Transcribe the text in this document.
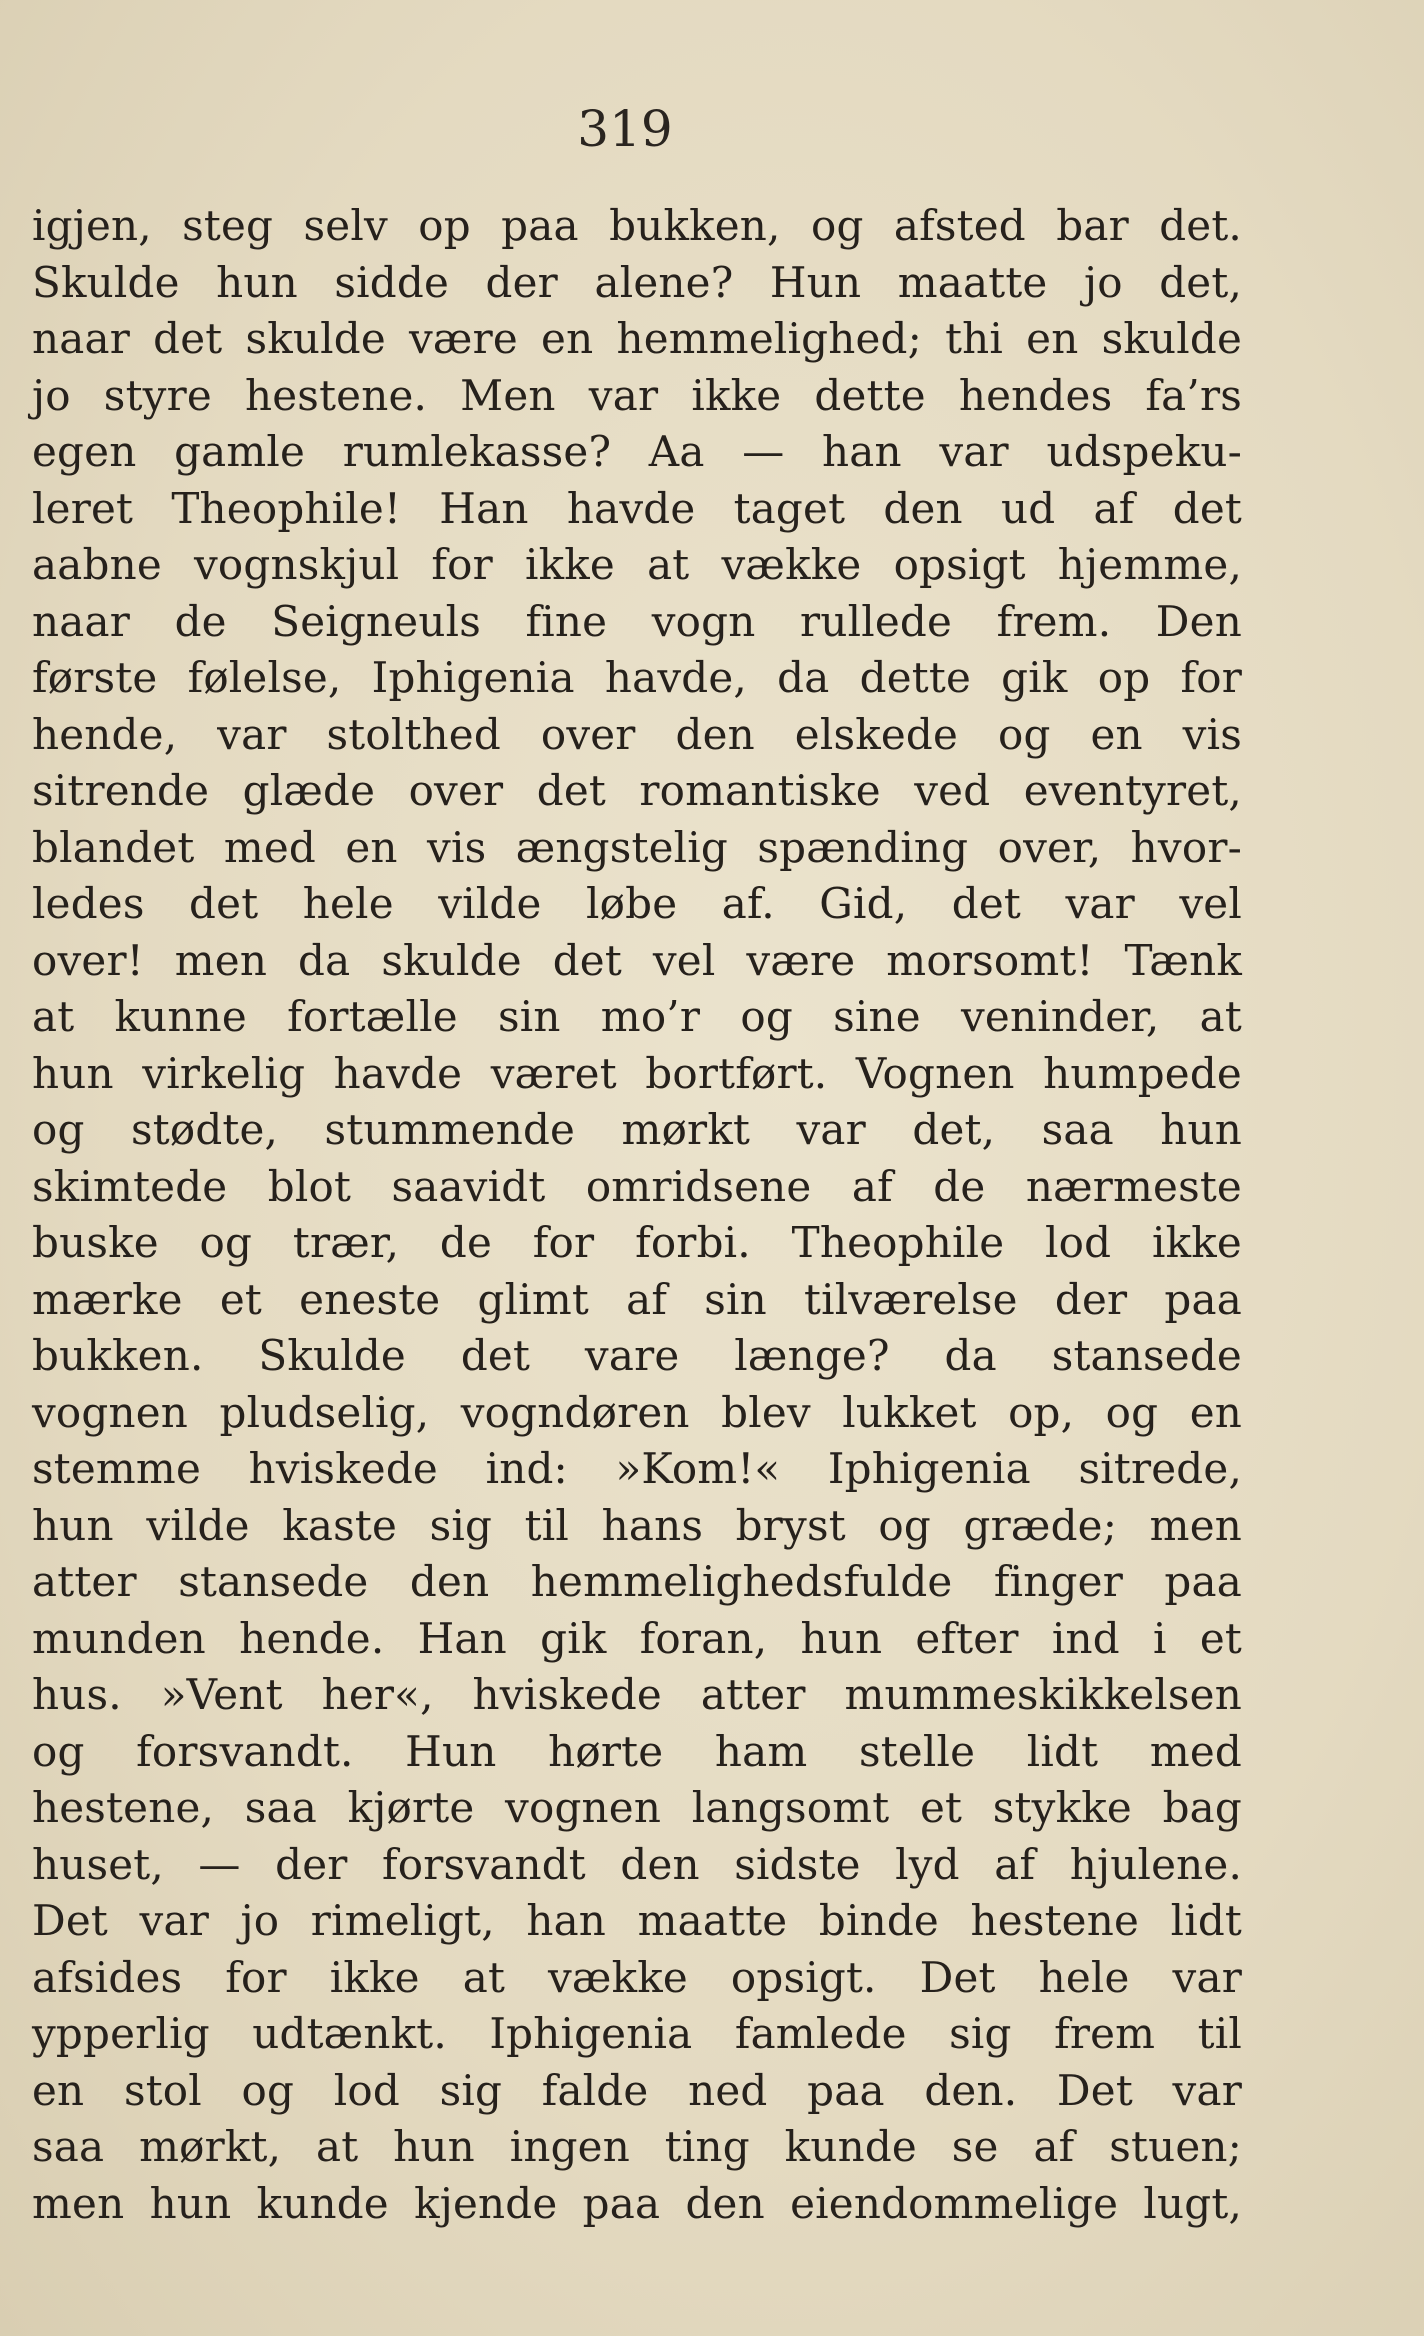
319
igjen, steg selv op paa bukken, og afsted bar det.
Skulde hun sidde der alene? Hun maatte jo det,
naar det skulde være en hemmelighed; thi en skulde
jo styre hestene. Men var ikke dette hendes fa’rs
egen gamle rumlekasse? Aa — han var udspeku-
leret Theophile! Han havde taget den ud af det
aabne vognskjul for ikke at vække opsigt hjemme,
naar de Seigneuls fine vogn rullede frem. Den
første følelse, Iphigenia havde, da dette gik op for
hende, var stolthed over den elskede og en vis
sitrende glæde over det romantiske ved eventyret,
blandet med en vis ængstelig spænding over, hvor-
ledes det hele vilde løbe af. Gid, det var vel
over! men da skulde det vel være morsomt! Tænk
at kunne fortælle sin mo’r og sine veninder, at
hun virkelig havde været bortført. Vognen humpede
og stødte, stummende mørkt var det, saa hun
skimtede blot saavidt omridsene af de nærmeste
buske og trær, de for forbi. Theophile lod ikke
mærke et eneste glimt af sin tilværelse der paa
bukken. Skulde det vare længe? da stansede
vognen pludselig, vogndøren blev lukket op, og en
stemme hviskede ind: »Kom!« Iphigenia sitrede,
hun vilde kaste sig til hans bryst og græde; men
atter stansede den hemmelighedsfulde finger paa
munden hende. Han gik foran, hun efter ind i et
hus. »Vent her«, hviskede atter mummeskikkelsen
og forsvandt. Hun hørte ham stelle lidt med
hestene, saa kjørte vognen langsomt et stykke bag
huset, — der forsvandt den sidste lyd af hjulene.
Det var jo rimeligt, han maatte binde hestene lidt
afsides for ikke at vække opsigt. Det hele var
ypperlig udtænkt. Iphigenia famlede sig frem til
en stol og lod sig falde ned paa den. Det var
saa mørkt, at hun ingen ting kunde se af stuen;
men hun kunde kjende paa den eiendommelige lugt,
